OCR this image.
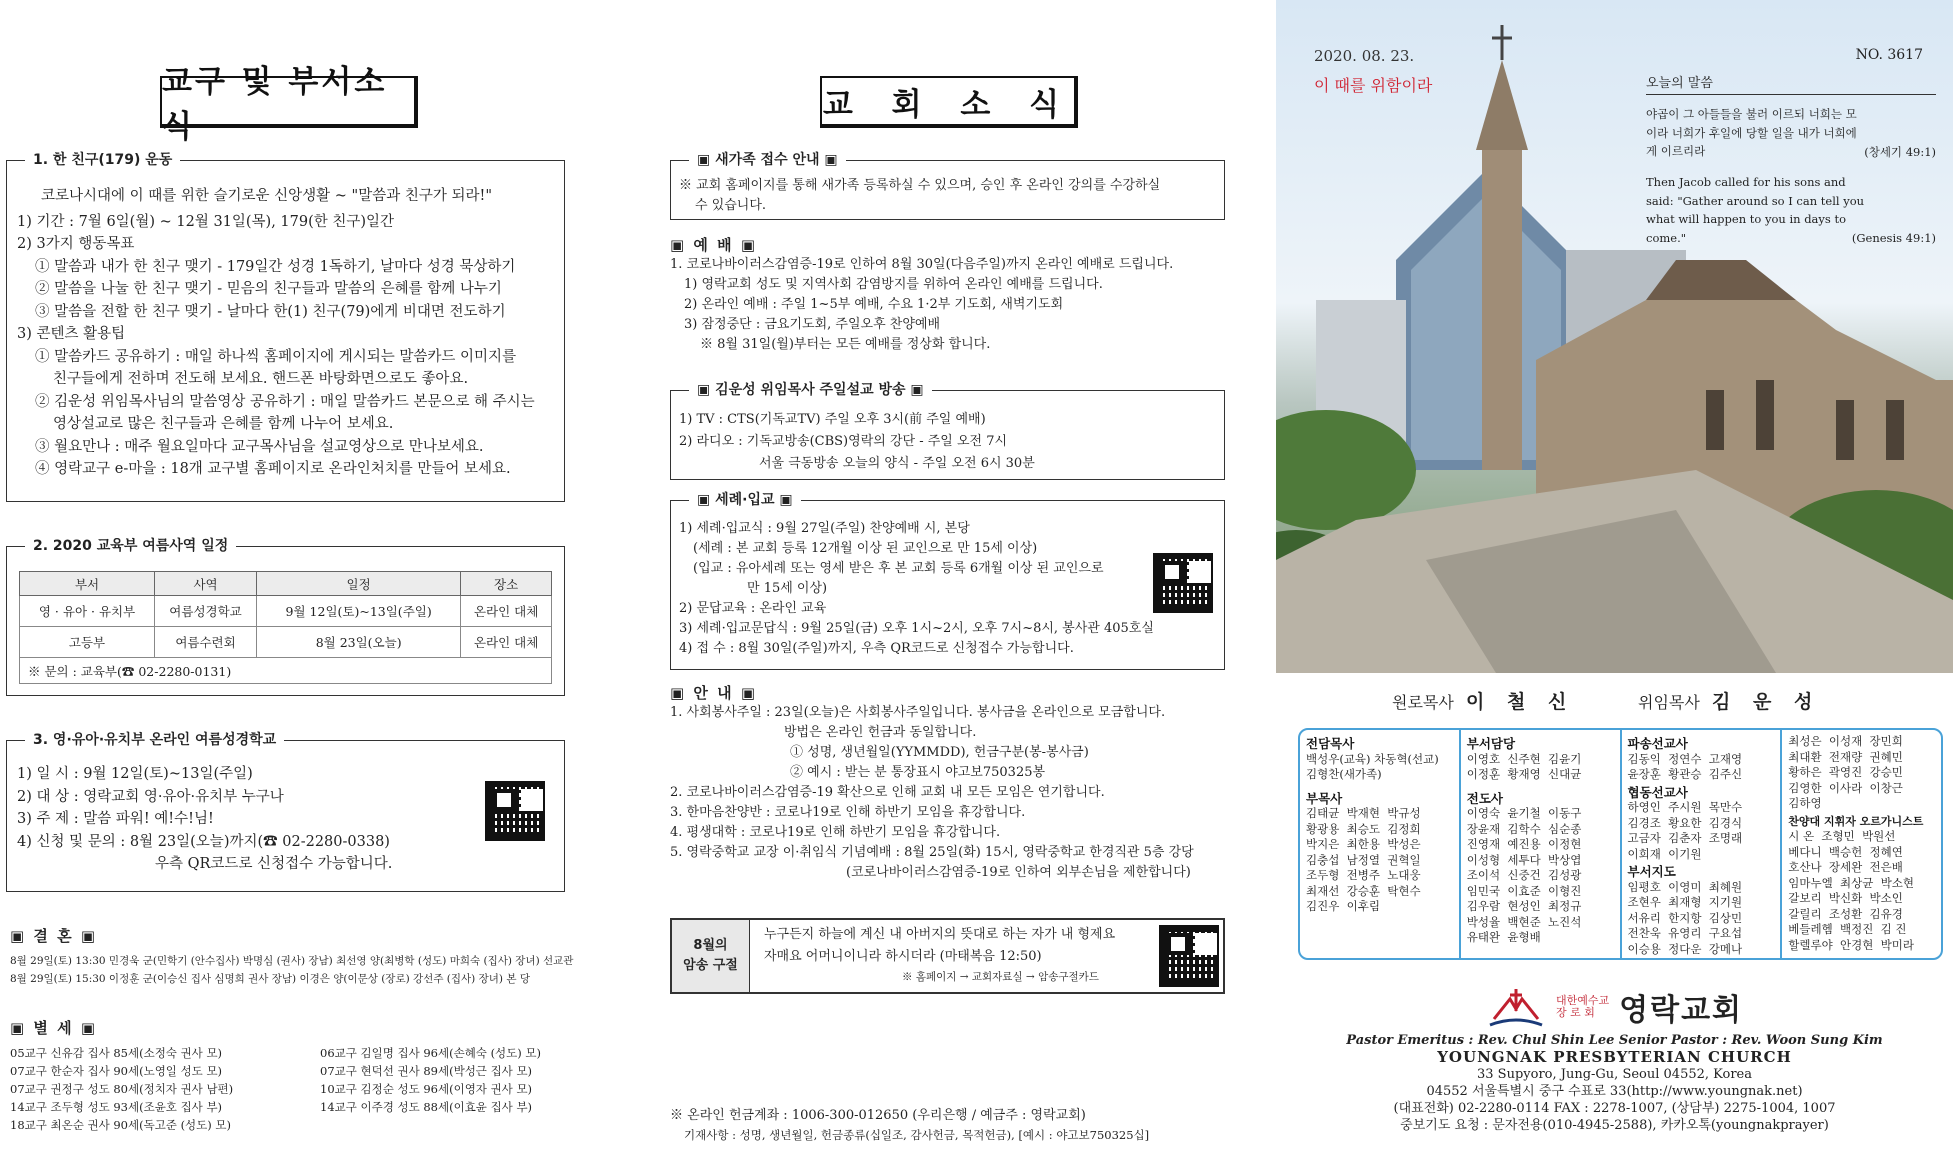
교구 및 부서소식
1. 한 친구(179) 운동
코로나시대에 이 때를 위한 슬기로운 신앙생활 ~ "말씀과 친구가 되라!"
1) 기간 : 7월 6일(월) ~ 12월 31일(목), 179(한 친구)일간
2) 3가지 행동목표
① 말씀과 내가 한 친구 맺기 - 179일간 성경 1독하기, 날마다 성경 묵상하기
② 말씀을 나눌 한 친구 맺기 - 믿음의 친구들과 말씀의 은혜를 함께 나누기
③ 말씀을 전할 한 친구 맺기 - 날마다 한(1) 친구(79)에게 비대면 전도하기
3) 콘텐츠 활용팁
① 말씀카드 공유하기 : 매일 하나씩 홈페이지에 게시되는 말씀카드 이미지를
친구들에게 전하며 전도해 보세요. 핸드폰 바탕화면으로도 좋아요.
② 김운성 위임목사님의 말씀영상 공유하기 : 매일 말씀카드 본문으로 해 주시는
영상설교로 많은 친구들과 은혜를 함께 나누어 보세요.
③ 월요만나 : 매주 월요일마다 교구목사님을 설교영상으로 만나보세요.
④ 영락교구 e-마을 : 18개 교구별 홈페이지로 온라인처치를 만들어 보세요.
2. 2020 교육부 여름사역 일정
부서	사역	일정	장소
영 · 유아 · 유치부	여름성경학교	9월 12일(토)~13일(주일)	온라인 대체
고등부	여름수련회	8월 23일(오늘)	온라인 대체
※ 문의 : 교육부(☎ 02-2280-0131)			
3. 영·유아·유치부 온라인 여름성경학교
1) 일 시 : 9월 12일(토)~13일(주일)
2) 대 상 : 영락교회 영·유아·유치부 누구나
3) 주 제 : 말씀 파워! 예!수!님!
4) 신청 및 문의 : 8월 23일(오늘)까지(☎ 02-2280-0338)
우측 QR코드로 신청접수 가능합니다.
▣ 결 혼 ▣
8월 29일(토) 13:30 민경욱 군(민학기 (안수집사) 박명심 (권사) 장남) 최선영 양(최병학 (성도) 마희숙 (집사) 장녀) 선교관
8월 29일(토) 15:30 이정훈 군(이승신 집사 심명희 권사 장남) 이경은 양(이문상 (장로) 강선주 (집사) 장녀) 본 당
▣ 별 세 ▣
05교구 신유감 집사 85세(소정숙 권사 모)
07교구 한순자 집사 90세(노영일 성도 모)
07교구 권정구 성도 80세(정치자 권사 남편)
14교구 조두형 성도 93세(조윤호 집사 부)
18교구 최온순 권사 90세(독고준 (성도) 모)
06교구 김일명 집사 96세(손혜숙 (성도) 모)
07교구 현덕선 권사 89세(박성근 집사 모)
10교구 김정순 성도 96세(이영자 권사 모)
14교구 이주경 성도 88세(이효윤 집사 부)
교 회 소 식
▣ 새가족 접수 안내 ▣
※ 교회 홈페이지를 통해 새가족 등록하실 수 있으며, 승인 후 온라인 강의를 수강하실
수 있습니다.
▣ 예 배 ▣
1. 코로나바이러스감염증-19로 인하여 8월 30일(다음주일)까지 온라인 예배로 드립니다.
1) 영락교회 성도 및 지역사회 감염방지를 위하여 온라인 예배를 드립니다.
2) 온라인 예배 : 주일 1~5부 예배, 수요 1·2부 기도회, 새벽기도회
3) 잠정중단 : 금요기도회, 주일오후 찬양예배
※ 8월 31일(월)부터는 모든 예배를 정상화 합니다.
▣ 김운성 위임목사 주일설교 방송 ▣
1) TV : CTS(기독교TV) 주일 오후 3시(前 주일 예배)
2) 라디오 : 기독교방송(CBS)영락의 강단 - 주일 오전 7시
서울 극동방송 오늘의 양식 - 주일 오전 6시 30분
▣ 세례·입교 ▣
1) 세례·입교식 : 9월 27일(주일) 찬양예배 시, 본당
(세례 : 본 교회 등록 12개월 이상 된 교인으로 만 15세 이상)
(입교 : 유아세례 또는 영세 받은 후 본 교회 등록 6개월 이상 된 교인으로
만 15세 이상)
2) 문답교육 : 온라인 교육
3) 세례·입교문답식 : 9월 25일(금) 오후 1시~2시, 오후 7시~8시, 봉사관 405호실
4) 접 수 : 8월 30일(주일)까지, 우측 QR코드로 신청접수 가능합니다.
▣ 안 내 ▣
1. 사회봉사주일 : 23일(오늘)은 사회봉사주일입니다. 봉사금을 온라인으로 모금합니다.
방법은 온라인 헌금과 동일합니다.
① 성명, 생년월일(YYMMDD), 헌금구분(봉-봉사금)
② 예시 : 받는 분 통장표시 야고보750325봉
2. 코로나바이러스감염증-19 확산으로 인해 교회 내 모든 모임은 연기합니다.
3. 한마음찬양반 : 코로나19로 인해 하반기 모임을 휴강합니다.
4. 평생대학 : 코로나19로 인해 하반기 모임을 휴강합니다.
5. 영락중학교 교장 이·취임식 기념예배 : 8월 25일(화) 15시, 영락중학교 한경직관 5층 강당
(코로나바이러스감염증-19로 인하여 외부손님을 제한합니다)
8월의
암송 구절
누구든지 하늘에 계신 내 아버지의 뜻대로 하는 자가 내 형제요
자매요 어머니이니라 하시더라 (마태복음 12:50)
※ 홈페이지 → 교회자료실 → 암송구절카드
※ 온라인 헌금계좌 : 1006-300-012650 (우리은행 / 예금주 : 영락교회)
기재사항 : 성명, 생년월일, 헌금종류(십일조, 감사헌금, 목적헌금), [예시 : 야고보750325십]
2020. 08. 23.
이 때를 위함이라
NO. 3617
오늘의 말씀

야곱이 그 아들들을 불러 이르되 너희는 모

이라 너희가 후일에 당할 일을 내가 너희에

게 이르리라	(창세기 49:1)

Then Jacob called for his sons and

said: "Gather around so I can tell you

what will happen to you in days to

come."	(Genesis 49:1)

원로목사 이 철 신	위임목사 김 운 성
전담목사
백성우(교육) 차동혁(선교)
김형찬(새가족)
부목사
김태균  박재현  박규성
황광용  최승도  김정희
박지은  최한용  박성은
김충섭  남정열  권혁일
조두형  전병주  노대웅
최재선  강승훈  탁현수
김진우  이후림
부서담당
이영호  신주현  김윤기
이정훈  황재영  신대균
전도사
이영숙  윤기철  이동구
장윤재  김학수  심순종
진영재  예진용  이정현
이성형  세투다  박상엽
조이석  신중건  김성광
임민국  이효준  이형진
김우람  현성인  최정규
박성율  백현준  노진석
유태완  윤형배
파송선교사
김동익  정연수  고재영
윤장훈  황관승  김주신
협동선교사
하영인  주시원  목만수
김경조  황요한  김경식
고금자  김춘자  조명래
이희재  이기원
부서지도
임평호  이영미  최혜원
조현우  최재형  지기원
서유리  한지항  김상민
전찬욱  유영리  구요섭
이승용  정다운  강메나
최성은  이성재  장민희
최대환  전재량  권혜민
황하은  곽영진  강승민
김영한  이사라  이창근
김하영
찬양대 지휘자 오르가니스트
시 온  조형민  박원선
베다니  백승헌  정혜연
호산나  장세완  전은배
임마누엘  최상균  박소현
갈보리  박신화  박소인
갈릴리  조성환  김유경
베들레헴  백정진  김 진
할렐루야  안경현  박미라
대한예수교
장 로 회 영락교회
Pastor Emeritus : Rev. Chul Shin Lee Senior Pastor : Rev. Woon Sung Kim
YOUNGNAK PRESBYTERIAN CHURCH
33 Supyoro, Jung-Gu, Seoul 04552, Korea
04552 서울특별시 중구 수표로 33(http://www.youngnak.net)
(대표전화) 02-2280-0114 FAX : 2278-1007, (상담부) 2275-1004, 1007
중보기도 요청 : 문자전용(010-4945-2588), 카카오톡(youngnakprayer)
